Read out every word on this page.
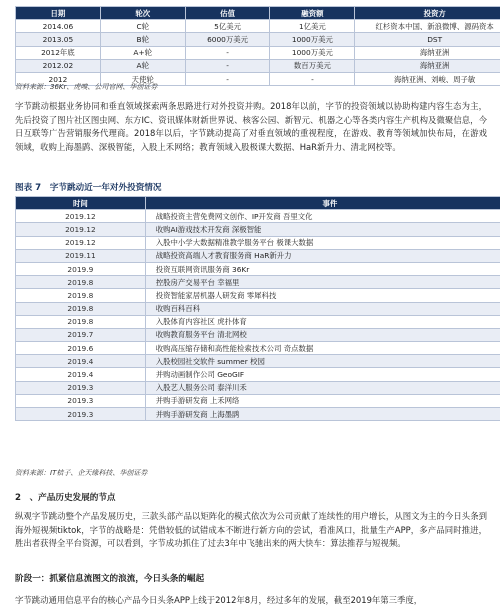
日期	轮次	估值	融资额	投资方
2014.06	C轮	5亿美元	1亿美元	红杉资本中国、新浪微博、源码资本
2013.05	B轮	6000万美元	1000万美元	DST
2012年底	A+轮	-	1000万美元	海纳亚洲
2012.02	A轮	-	数百万美元	海纳亚洲
2012	天使轮	-	-	海纳亚洲、刘峻、周子敏
资料来源：36Kr、虎嗅、公司官网、华创证券
字节跳动根据业务协同和垂直领域探索两条思路进行对外投资并购。2018年以前，字节的投资领域以协助构建内容生态为主，先后投资了图片社区图虫网、东方IC、资讯媒体财新世界说、核客公园、新智元、机器之心等各类内容生产机构及微聚信息，今日互联等广告营销服务代理商。2018年以后，字节跳动提高了对垂直领域的重视程度，在游戏、教育等领域加快布局，在游戏领域，收购上海墨鹍、深极智能，入股上禾网络；教育领域入股极课大数据、HaR新升力、清北网校等。
图表 7　字节跳动近一年对外投资情况
时间	事件
2019.12	战略投资主营免费网文创作、IP开发商 吾里文化
2019.12	收购AI游戏技术开发商 深极智能
2019.12	入股中小学大数据精准教学服务平台 极课大数据
2019.11	战略投资高端人才教育服务商 HaR新升力
2019.9	投资互联网资讯服务商 36Kr
2019.8	控股房产交易平台 幸福里
2019.8	投资智能家居机器人研发商 零犀科技
2019.8	收购百科百科
2019.8	入股体育内容社区 虎扑体育
2019.7	收购教育服务平台 清北网校
2019.6	收购高压缩存储和高性能检索技术公司 奇点数据
2019.4	入股校园社交软件 summer 校园
2019.4	并购动画制作公司 GeoGIF
2019.3	入股艺人服务公司 泰洋川禾
2019.3	并购手游研发商 上禾网络
2019.3	并购手游研发商 上海墨鹍
资料来源：IT桔子、企天缘科技、华创证券
2　、产品历史发展的节点
纵观字节跳动整个产品发展历史，三款头部产品以矩阵化的模式依次为公司贡献了连续性的用户增长，从图文为主的今日头条到海外短视频tiktok，字节的战略是：凭借较低的试错成本不断进行新方向的尝试，看准风口，批量生产APP，多产品同时推进，胜出者获得全平台资源，可以看到，字节成功抓住了过去3年中飞驰出来的两大快车：算法推荐与短视频。
阶段一：抓紧信息流图文的浪流，今日头条的崛起
字节跳动通用信息平台的核心产品今日头条APP上线于2012年8月，经过多年的发展，截至2019年第三季度，
